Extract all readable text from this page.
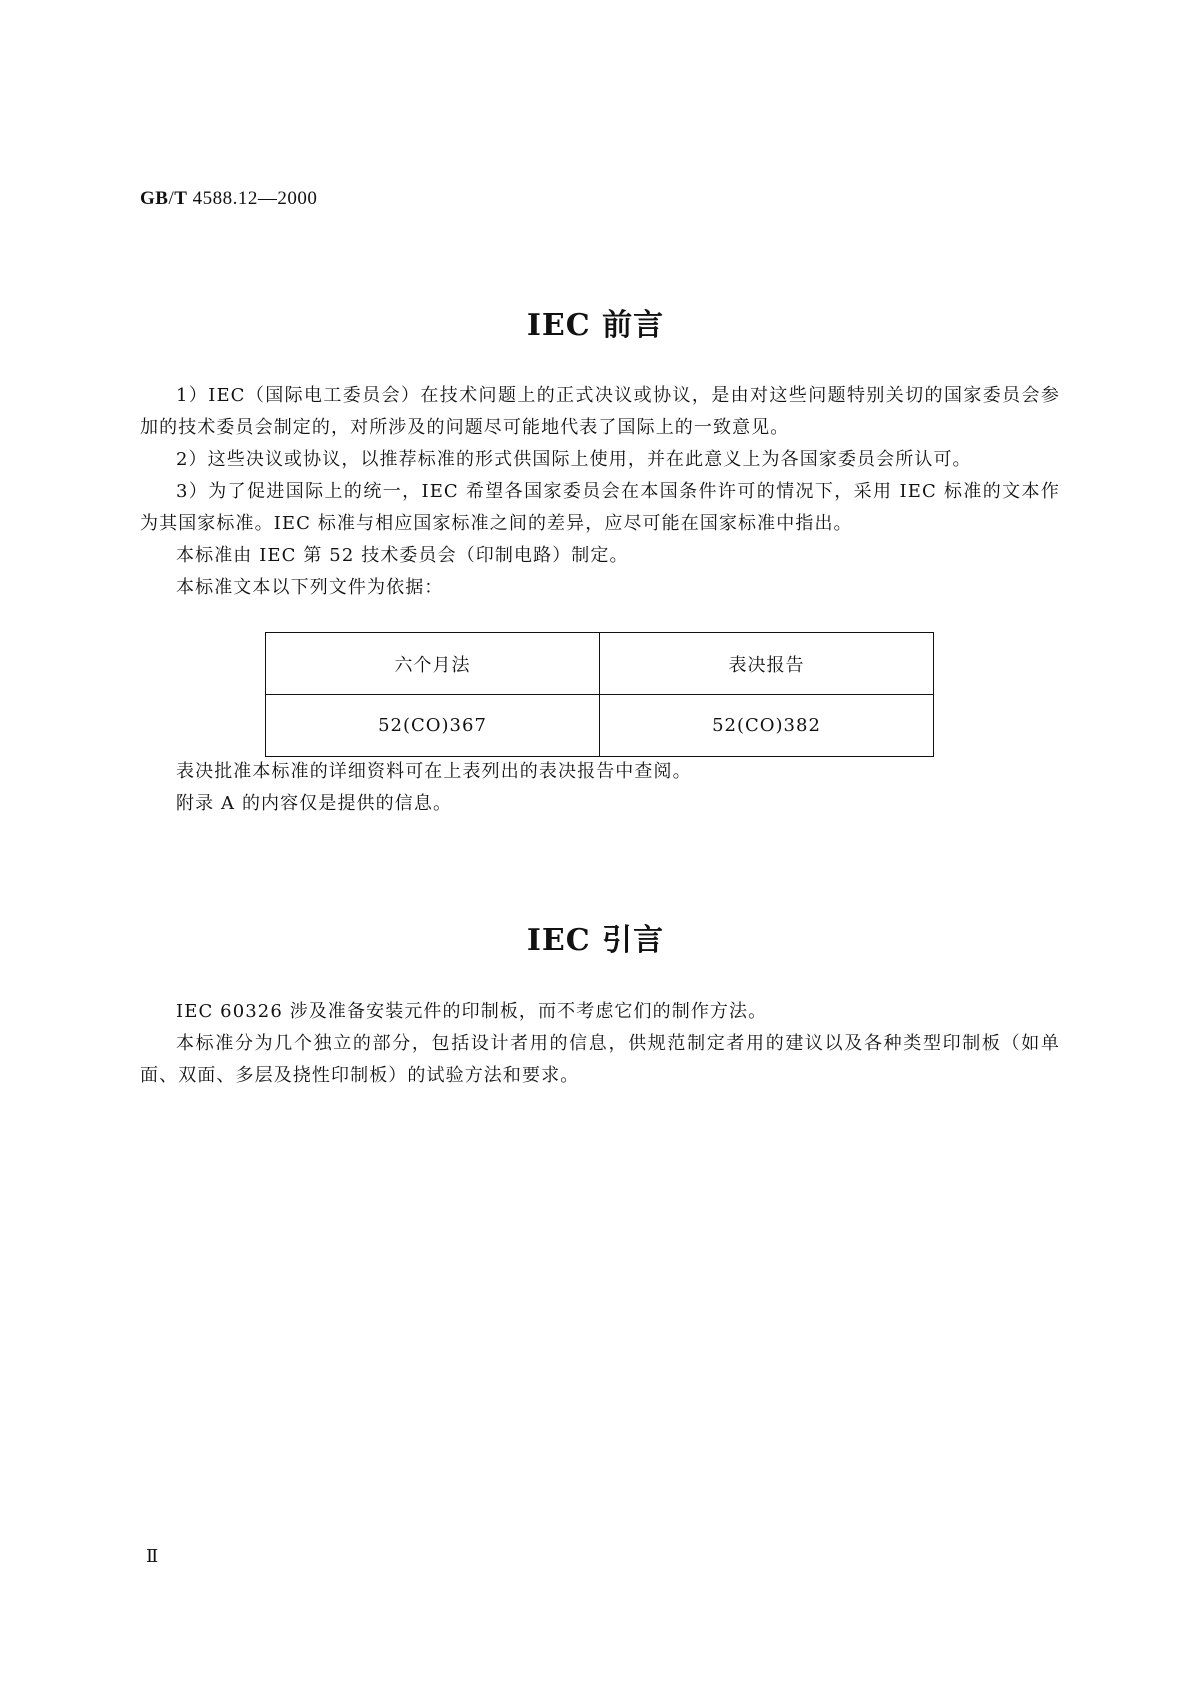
GB/T 4588.12—2000
IEC 前言

1）IEC（国际电工委员会）在技术问题上的正式决议或协议，是由对这些问题特别关切的国家委员会参加的技术委员会制定的，对所涉及的问题尽可能地代表了国际上的一致意见。

2）这些决议或协议，以推荐标准的形式供国际上使用，并在此意义上为各国家委员会所认可。

3）为了促进国际上的统一，IEC 希望各国家委员会在本国条件许可的情况下，采用 IEC 标准的文本作为其国家标准。IEC 标准与相应国家标准之间的差异，应尽可能在国家标准中指出。

本标准由 IEC 第 52 技术委员会（印制电路）制定。

本标准文本以下列文件为依据：

六个月法	表决报告
52(CO)367	52(CO)382

表决批准本标准的详细资料可在上表列出的表决报告中查阅。

附录 A 的内容仅是提供的信息。

IEC 引言

IEC 60326 涉及准备安装元件的印制板，而不考虑它们的制作方法。

本标准分为几个独立的部分，包括设计者用的信息，供规范制定者用的建议以及各种类型印制板（如单面、双面、多层及挠性印制板）的试验方法和要求。

Ⅱ
